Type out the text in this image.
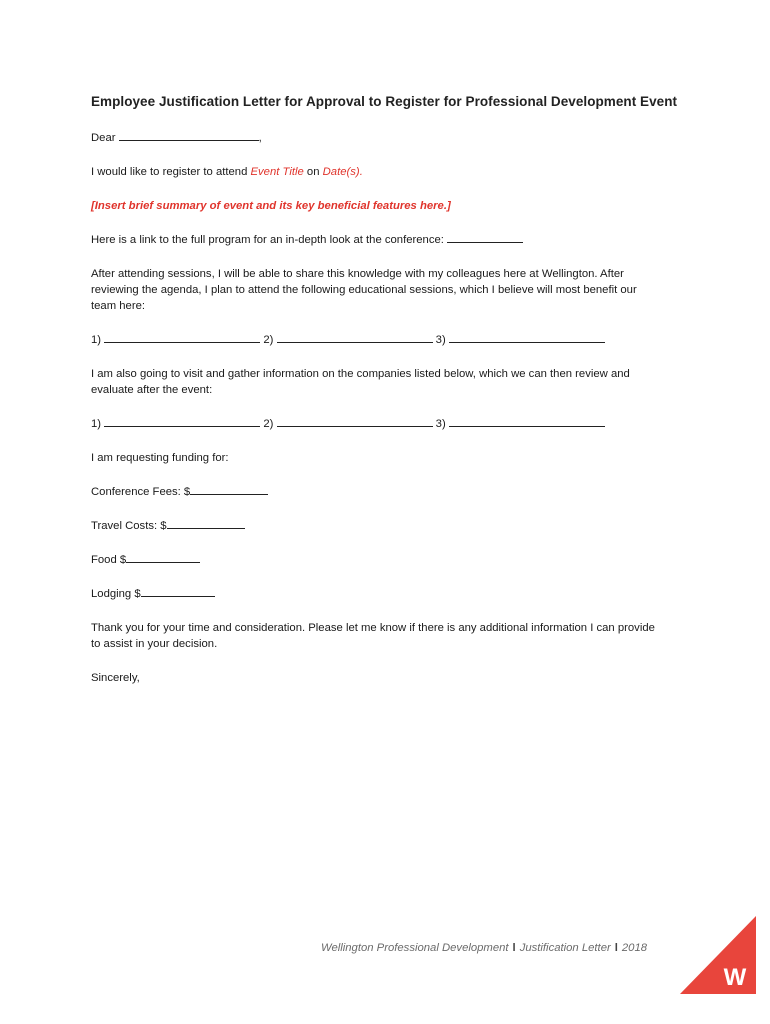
Employee Justification Letter for Approval to Register for Professional Development Event
Dear	,
I would like to register to attend Event Title on Date(s).
[Insert brief summary of event and its key beneficial features here.]
Here is a link to the full program for an in-depth look at the conference:
After attending sessions, I will be able to share this knowledge with my colleagues here at Wellington. After
reviewing the agenda, I plan to attend the following educational sessions, which I believe will most benefit our
team here:
1)	2)	3)
I am also going to visit and gather information on the companies listed below, which we can then review and
evaluate after the event:
1)	2)	3)
I am requesting funding for:
Conference Fees: $
Travel Costs: $
Food $
Lodging $
Thank you for your time and consideration. Please let me know if there is any additional information I can provide
to assist in your decision.
Sincerely,
Wellington Professional Development l Justification Letter l 2018
W
